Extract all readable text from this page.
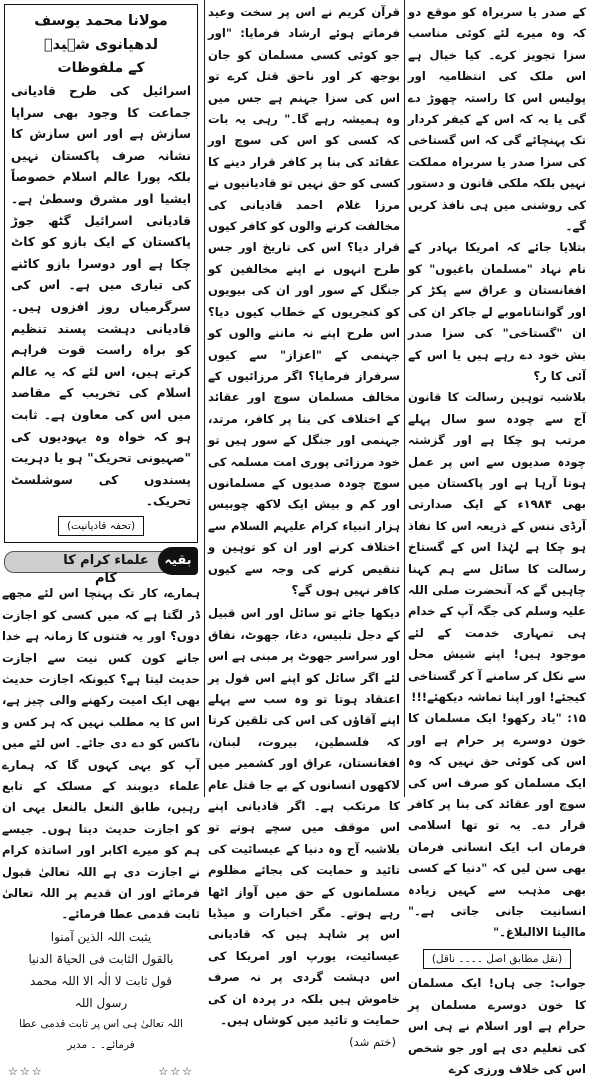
کے صدر یا سربراہ کو موقع دو کہ وہ میرے لئے کوئی مناسب سزا تجویز کرے۔ کیا خیال ہے اس ملک کی انتظامیہ اور پولیس اس کا راستہ چھوڑ دے گی یا یہ کہ اس کے کیفر کردار تک پہنچائے گی کہ اس گستاخی کی سزا صدر یا سربراہ مملکت نہیں بلکہ ملکی قانون و دستور کی روشنی میں ہی نافذ کریں گے۔

بتلایا جائے کہ امریکا بہادر کے نام نہاد "مسلمان باغیوں" کو افغانستان و عراق سے پکڑ کر اور گوانتاناموبے لے جاکر ان کی ان "گستاخی" کی سزا صدر بش خود دے رہے ہیں یا اس کے آئی کا ر؟

بلاشبہ توہین رسالت کا قانون آج سے چودہ سو سال پہلے مرتب ہو چکا ہے اور گزشتہ چودہ صدیوں سے اس پر عمل ہوتا آرہا ہے اور پاکستان میں بھی ۱۹۸۴ء کے ایک صدارتی آرڈی ننس کے ذریعہ اس کا نفاذ ہو چکا ہے لہٰذا اس کے گستاخ رسالت کا سائل سے ہم کہنا چاہیں گے کہ آنحضرت صلی اللہ علیہ وسلم کی جگہ آپ کے خدام ہی تمہاری خدمت کے لئے موجود ہیں! اپنے شیش محل سے نکل کر سامنے آ کر گستاخی کیجئے! اور اپنا تماشہ دیکھئے!!!

۱۵: "یاد رکھو! ایک مسلمان کا خون دوسرے پر حرام ہے اور اس کی کوئی حق نہیں کہ وہ ایک مسلمان کو صرف اس کی سوچ اور عقائد کی بنا پر کافر قرار دے۔ یہ تو تھا اسلامی فرمان اب ایک انسانی فرمان بھی سن لیں کہ "دنیا کے کسی بھی مذہب سے کہیں زیادہ انسانیت جانی جاتی ہے۔" ماالیتا الاالبلاغ۔"

(نقل مطابق اصل ۔۔۔۔ ناقل)

جواب: جی ہاں! ایک مسلمان کا خون دوسرے مسلمان پر حرام ہے اور اسلام نے ہی اس کی تعلیم دی ہے اور جو شخص اس کی خلاف ورزی کرے

قرآن کریم نے اس پر سخت وعید فرماتے ہوئے ارشاد فرمایا: "اور جو کوئی کسی مسلمان کو جان بوجھ کر اور ناحق قتل کرے تو اس کی سزا جہنم ہے جس میں وہ ہمیشہ رہے گا۔" رہی یہ بات کہ کسی کو اس کی سوچ اور عقائد کی بنا پر کافر قرار دینے کا کسی کو حق نہیں تو قادیانیوں نے مرزا غلام احمد قادیانی کی مخالفت کرنے والوں کو کافر کیوں قرار دیا؟ اس کی تاریخ اور جس طرح انہوں نے اپنے مخالفین کو جنگل کے سور اور ان کی بیویوں کو کنجریوں کے خطاب کیوں دیا؟ اس طرح اپنے نہ ماننے والوں کو جہنمی کے "اعزاز" سے کیوں سرفراز فرمایا؟ اگر مرزائیوں کے مخالف مسلمان سوچ اور عقائد کے اختلاف کی بنا پر کافر، مرتد، جہنمی اور جنگل کے سور ہیں تو خود مرزائی پوری امت مسلمہ کی سوچ چودہ صدیوں کے مسلمانوں اور کم و بیش ایک لاکھ چوبیس ہزار انبیاء کرام علیہم السلام سے اختلاف کرنے اور ان کو توہین و تنقیص کرنے کی وجہ سے کیوں کافر نہیں ہوں گے؟

دیکھا جائے تو سائل اور اس قبیل کے دجل تلبیس، دغا، جھوٹ، نفاق اور سراسر جھوٹ پر مبنی ہے اس لئے اگر سائل کو اپنے اس قول پر اعتقاد ہوتا تو وہ سب سے پہلے اپنے آقاؤں کی اس کی تلقین کرتا کہ فلسطین، بیروت، لبنان، افغانستان، عراق اور کشمیر میں لاکھوں انسانوں کے بے جا قتل عام کا مرتکب ہے۔ اگر قادیانی اپنے اس موقف میں سچے ہوتے تو بلاشبہ آج وہ دنیا کے عیسائیت کی تائید و حمایت کی بجائے مظلوم مسلمانوں کے حق میں آواز اٹھا رہے ہوتے۔ مگر اخبارات و میڈیا اس پر شاہد ہیں کہ قادیانی عیسائیت، یورپ اور امریکا کی اس دہشت گردی پر نہ صرف خاموش ہیں بلکہ در پردہ ان کی حمایت و تائید میں کوشاں ہیں۔

(ختم شد)

مولانا محمد یوسف لدھیانوی شہیدؒ
کے ملفوظات

اسرائیل کی طرح قادیانی جماعت کا وجود بھی سراپا سازش ہے اور اس سازش کا نشانہ صرف پاکستان نہیں بلکہ پورا عالم اسلام خصوصاً ایشیا اور مشرق وسطیٰ ہے۔ قادیانی اسرائیل گٹھ جوڑ پاکستان کے ایک بازو کو کاٹ چکا ہے اور دوسرا بازو کاٹنے کی تیاری میں ہے۔ اس کی سرگرمیاں روز افزوں ہیں۔ قادیانی دہشت پسند تنظیم کو براہ راست قوت فراہم کرتے ہیں، اس لئے کہ یہ عالم اسلام کی تخریب کے مقاصد میں اس کی معاون ہے۔ ثابت ہو کہ خواہ وہ یہودیوں کی "صہیونی تحریک" ہو یا دہریت پسندوں کی سوشلسٹ تحریک۔

(تحفہ قادیانیت)
علماء کرام کا کام
بقیہ

ہمارے، کار تک پہنچا اس لئے مجھے ڈر لگتا ہے کہ میں کسی کو اجازت دوں؟ اور یہ فتنوں کا زمانہ ہے خدا جانے کون کس نیت سے اجازت حدیث لیتا ہے؟ کیونکہ اجازت حدیث بھی ایک امیت رکھنے والی چیز ہے، اس کا یہ مطلب نہیں کہ ہر کس و ناکس کو دے دی جائے۔ اس لئے میں آپ کو یہی کہوں گا کہ ہمارے علماء دیوبند کے مسلک کے تابع رہیں، طابق النعل بالنعل یہی ان کو اجازت حدیث دیتا ہوں۔ جیسے ہم کو میرے اکابر اور اساتذہ کرام نے اجازت دی ہے اللہ تعالیٰ قبول فرمائے اور ان قدیم پر اللہ تعالیٰ ثابت قدمی عطا فرمائے۔

یثبت اللہ الذین آمنوا
بالقول الثابت فی الحیاۃ الدنیا
قول ثابت لا الٰہ الا اللہ محمد
رسول اللہ

اللہ تعالیٰ ہی اس پر ثابت قدمی عطا فرمائے۔ ۔ مدیر

☆☆☆	☆☆☆
